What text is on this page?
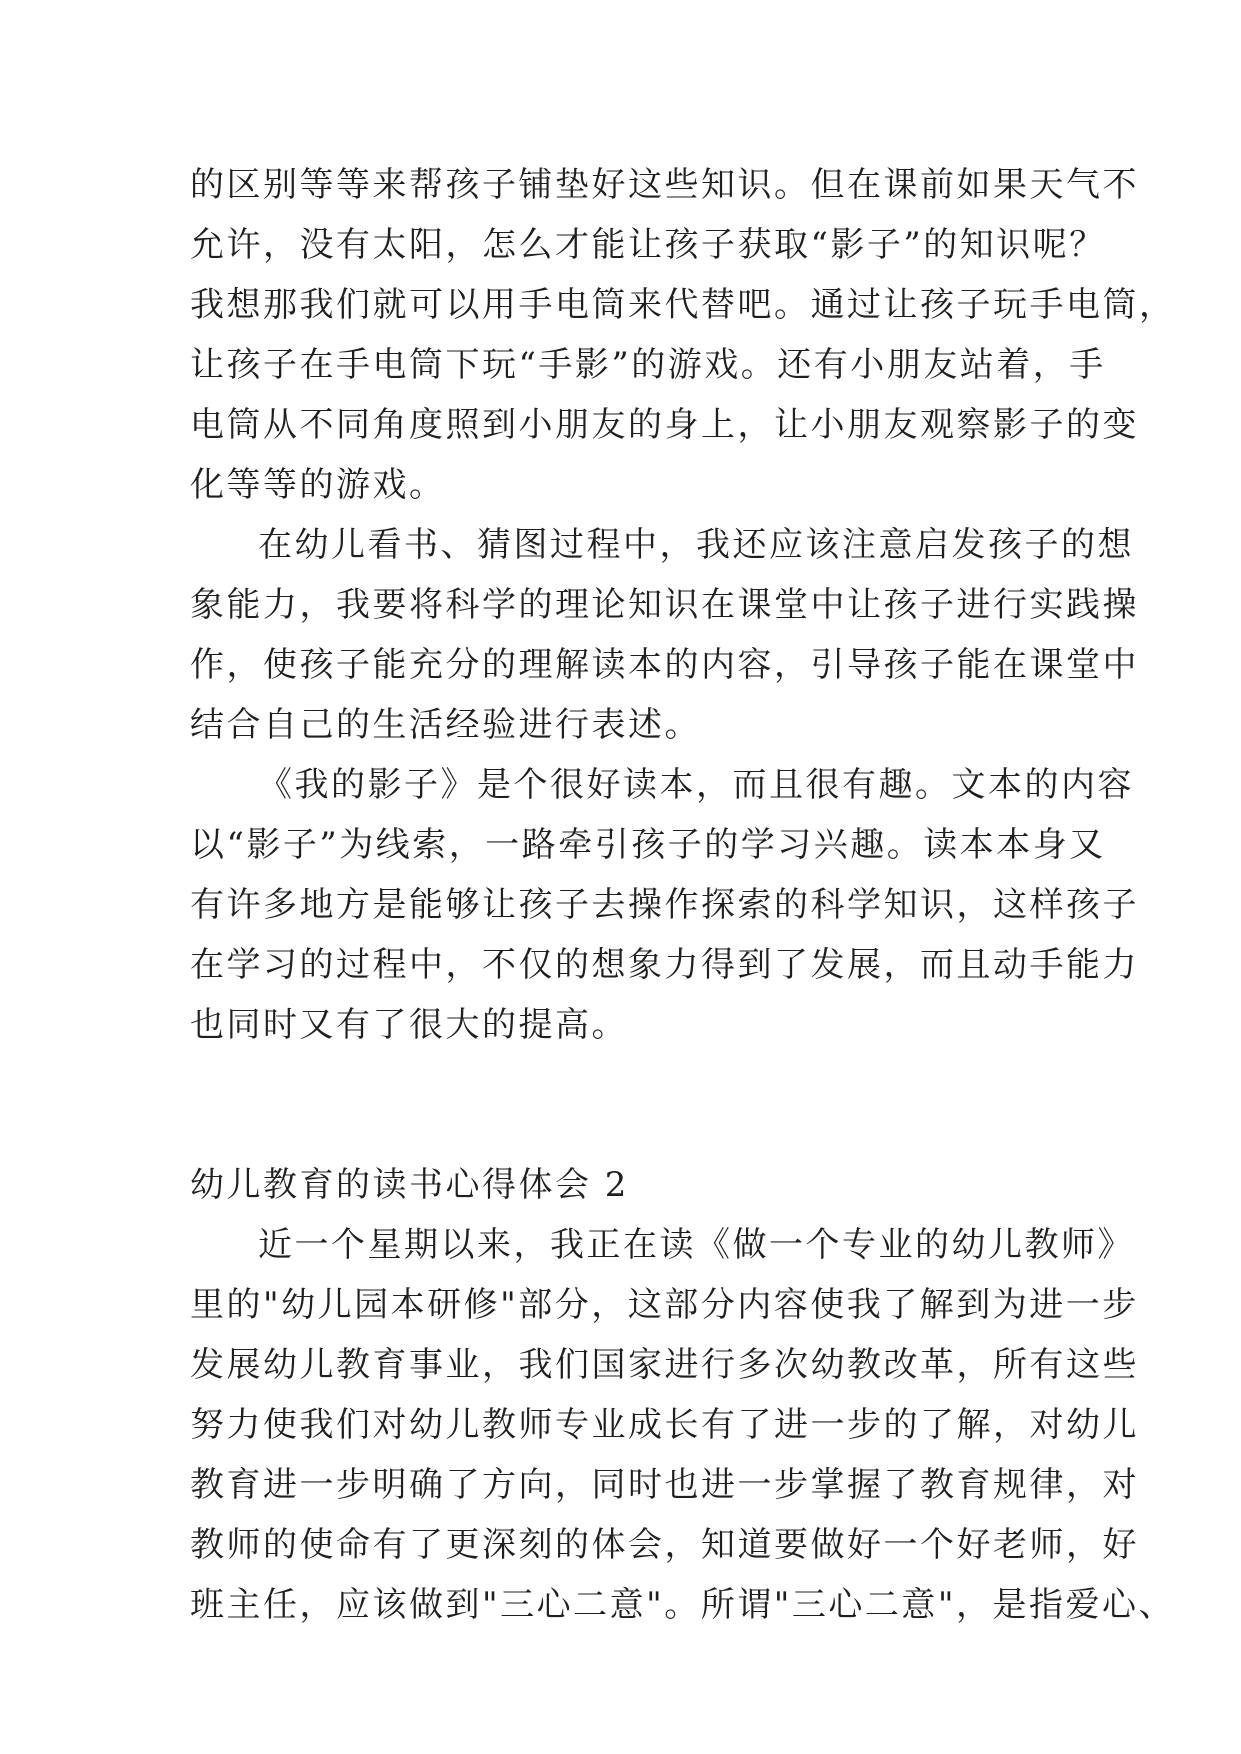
的区别等等来帮孩子铺垫好这些知识。但在课前如果天气不
允许，没有太阳，怎么才能让孩子获取“影子”的知识呢？
我想那我们就可以用手电筒来代替吧。通过让孩子玩手电筒，
让孩子在手电筒下玩“手影”的游戏。还有小朋友站着，手
电筒从不同角度照到小朋友的身上，让小朋友观察影子的变
化等等的游戏。
在幼儿看书、猜图过程中，我还应该注意启发孩子的想
象能力，我要将科学的理论知识在课堂中让孩子进行实践操
作，使孩子能充分的理解读本的内容，引导孩子能在课堂中
结合自己的生活经验进行表述。
《我的影子》是个很好读本，而且很有趣。文本的内容
以“影子”为线索，一路牵引孩子的学习兴趣。读本本身又
有许多地方是能够让孩子去操作探索的科学知识，这样孩子
在学习的过程中，不仅的想象力得到了发展，而且动手能力
也同时又有了很大的提高。
幼儿教育的读书心得体会 2
近一个星期以来，我正在读《做一个专业的幼儿教师》
里的"幼儿园本研修"部分，这部分内容使我了解到为进一步
发展幼儿教育事业，我们国家进行多次幼教改革，所有这些
努力使我们对幼儿教师专业成长有了进一步的了解，对幼儿
教育进一步明确了方向，同时也进一步掌握了教育规律，对
教师的使命有了更深刻的体会，知道要做好一个好老师，好
班主任，应该做到"三心二意"。所谓"三心二意"，是指爱心、
